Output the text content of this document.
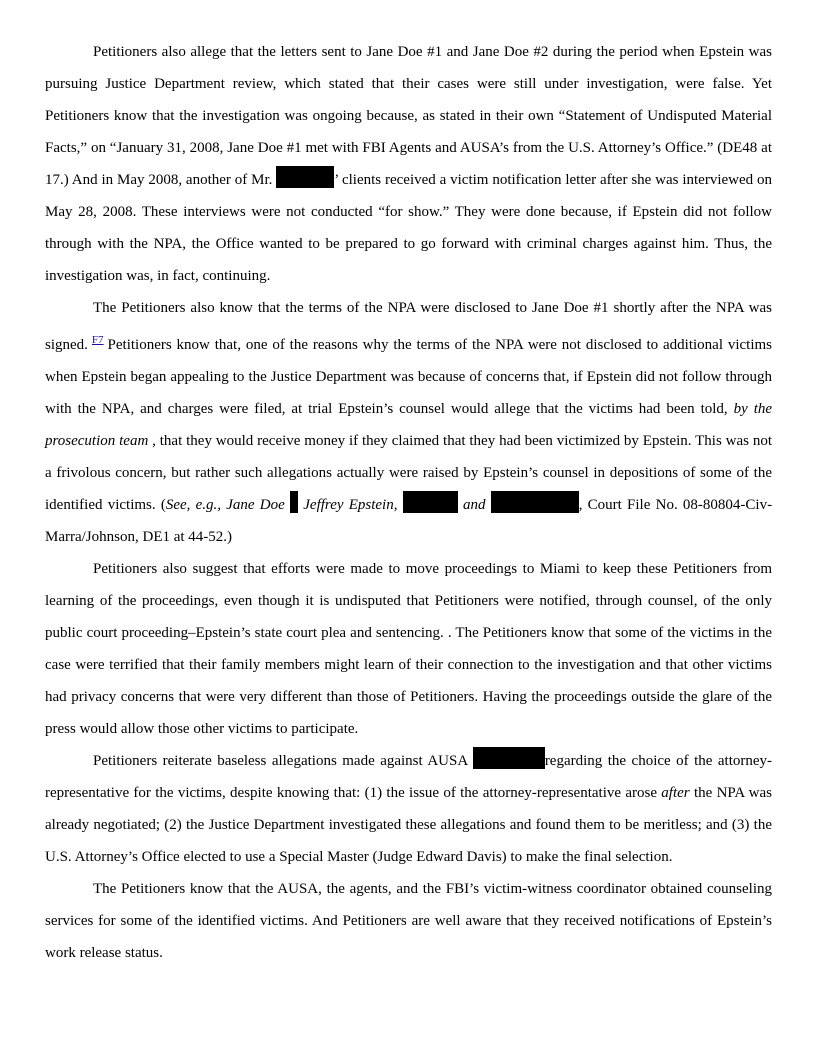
Petitioners also allege that the letters sent to Jane Doe #1 and Jane Doe #2 during the period when Epstein was pursuing Justice Department review, which stated that their cases were still under investigation, were false. Yet Petitioners know that the investigation was ongoing because, as stated in their own “Statement of Undisputed Material Facts,” on “January 31, 2008, Jane Doe #1 met with FBI Agents and AUSA’s from the U.S. Attorney’s Office.” (DE48 at 17.) And in May 2008, another of Mr.	’ clients received a victim notification letter after she was interviewed on May 28, 2008. These interviews were not conducted “for show.” They were done because, if Epstein did not follow through with the NPA, the Office wanted to be prepared to go forward with criminal charges against him. Thus, the investigation was, in fact, continuing.

The Petitioners also know that the terms of the NPA were disclosed to Jane Doe #1 shortly after the NPA was signed. $^{F7}$ Petitioners know that, one of the reasons why the terms of the NPA were not disclosed to additional victims when Epstein began appealing to the Justice Department was because of concerns that, if Epstein did not follow through with the NPA, and charges were filed, at trial Epstein’s counsel would allege that the victims had been told, by the prosecution team , that they would receive money if they claimed that they had been victimized by Epstein. This was not a frivolous concern, but rather such allegations actually were raised by Epstein’s counsel in depositions of some of the identified victims. (See, e.g., Jane Doe Jeffrey Epstein,	and	, Court File No. 08-80804-Civ-Marra/Johnson, DE1 at 44-52.)

Petitioners also suggest that efforts were made to move proceedings to Miami to keep these Petitioners from learning of the proceedings, even though it is undisputed that Petitioners were notified, through counsel, of the only public court proceeding–Epstein’s state court plea and sentencing. . The Petitioners know that some of the victims in the case were terrified that their family members might learn of their connection to the investigation and that other victims had privacy concerns that were very different than those of Petitioners. Having the proceedings outside the glare of the press would allow those other victims to participate.

Petitioners reiterate baseless allegations made against AUSA	regarding the choice of the attorney-representative for the victims, despite knowing that: (1) the issue of the attorney-representative arose after the NPA was already negotiated; (2) the Justice Department investigated these allegations and found them to be meritless; and (3) the U.S. Attorney’s Office elected to use a Special Master (Judge Edward Davis) to make the final selection.

The Petitioners know that the AUSA, the agents, and the FBI’s victim-witness coordinator obtained counseling services for some of the identified victims. And Petitioners are well aware that they received notifications of Epstein’s work release status.
